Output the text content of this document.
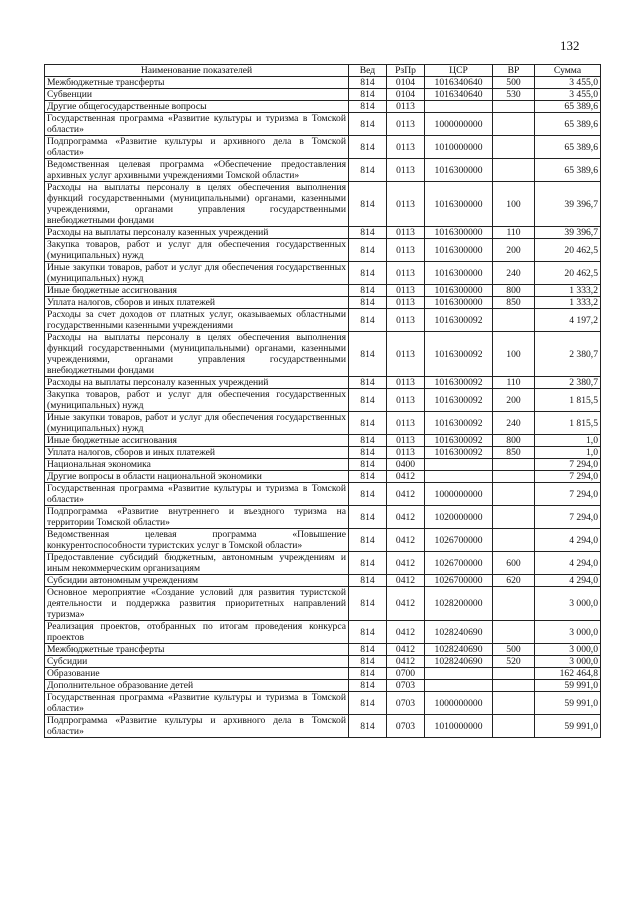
132
Наименование показателей	Вед	РзПр	ЦСР	ВР	Сумма
Межбюджетные трансферты	814	0104	1016340640	500	3 455,0
Субвенции	814	0104	1016340640	530	3 455,0
Другие общегосударственные вопросы	814	0113			65 389,6
Государственная программа «Развитие культуры и туризма в Томской области»	814	0113	1000000000		65 389,6
Подпрограмма «Развитие культуры и архивного дела в Томской области»	814	0113	1010000000		65 389,6
Ведомственная целевая программа «Обеспечение предоставления архивных услуг архивными учреждениями Томской области»	814	0113	1016300000		65 389,6
Расходы на выплаты персоналу в целях обеспечения выполнения функций государственными (муниципальными) органами, казенными учреждениями, органами управления государственными внебюджетными фондами	814	0113	1016300000	100	39 396,7
Расходы на выплаты персоналу казенных учреждений	814	0113	1016300000	110	39 396,7
Закупка товаров, работ и услуг для обеспечения государственных (муниципальных) нужд	814	0113	1016300000	200	20 462,5
Иные закупки товаров, работ и услуг для обеспечения государственных (муниципальных) нужд	814	0113	1016300000	240	20 462,5
Иные бюджетные ассигнования	814	0113	1016300000	800	1 333,2
Уплата налогов, сборов и иных платежей	814	0113	1016300000	850	1 333,2
Расходы за счет доходов от платных услуг, оказываемых областными государственными казенными учреждениями	814	0113	1016300092		4 197,2
Расходы на выплаты персоналу в целях обеспечения выполнения функций государственными (муниципальными) органами, казенными учреждениями, органами управления государственными внебюджетными фондами	814	0113	1016300092	100	2 380,7
Расходы на выплаты персоналу казенных учреждений	814	0113	1016300092	110	2 380,7
Закупка товаров, работ и услуг для обеспечения государственных (муниципальных) нужд	814	0113	1016300092	200	1 815,5
Иные закупки товаров, работ и услуг для обеспечения государственных (муниципальных) нужд	814	0113	1016300092	240	1 815,5
Иные бюджетные ассигнования	814	0113	1016300092	800	1,0
Уплата налогов, сборов и иных платежей	814	0113	1016300092	850	1,0
Национальная экономика	814	0400			7 294,0
Другие вопросы в области национальной экономики	814	0412			7 294,0
Государственная программа «Развитие культуры и туризма в Томской области»	814	0412	1000000000		7 294,0
Подпрограмма «Развитие внутреннего и въездного туризма на территории Томской области»	814	0412	1020000000		7 294,0
Ведомственная целевая программа «Повышение конкурентоспособности туристских услуг в Томской области»	814	0412	1026700000		4 294,0
Предоставление субсидий бюджетным, автономным учреждениям и иным некоммерческим организациям	814	0412	1026700000	600	4 294,0
Субсидии автономным учреждениям	814	0412	1026700000	620	4 294,0
Основное мероприятие «Создание условий для развития туристской деятельности и поддержка развития приоритетных направлений туризма»	814	0412	1028200000		3 000,0
Реализация проектов, отобранных по итогам проведения конкурса проектов	814	0412	1028240690		3 000,0
Межбюджетные трансферты	814	0412	1028240690	500	3 000,0
Субсидии	814	0412	1028240690	520	3 000,0
Образование	814	0700			162 464,8
Дополнительное образование детей	814	0703			59 991,0
Государственная программа «Развитие культуры и туризма в Томской области»	814	0703	1000000000		59 991,0
Подпрограмма «Развитие культуры и архивного дела в Томской области»	814	0703	1010000000		59 991,0
